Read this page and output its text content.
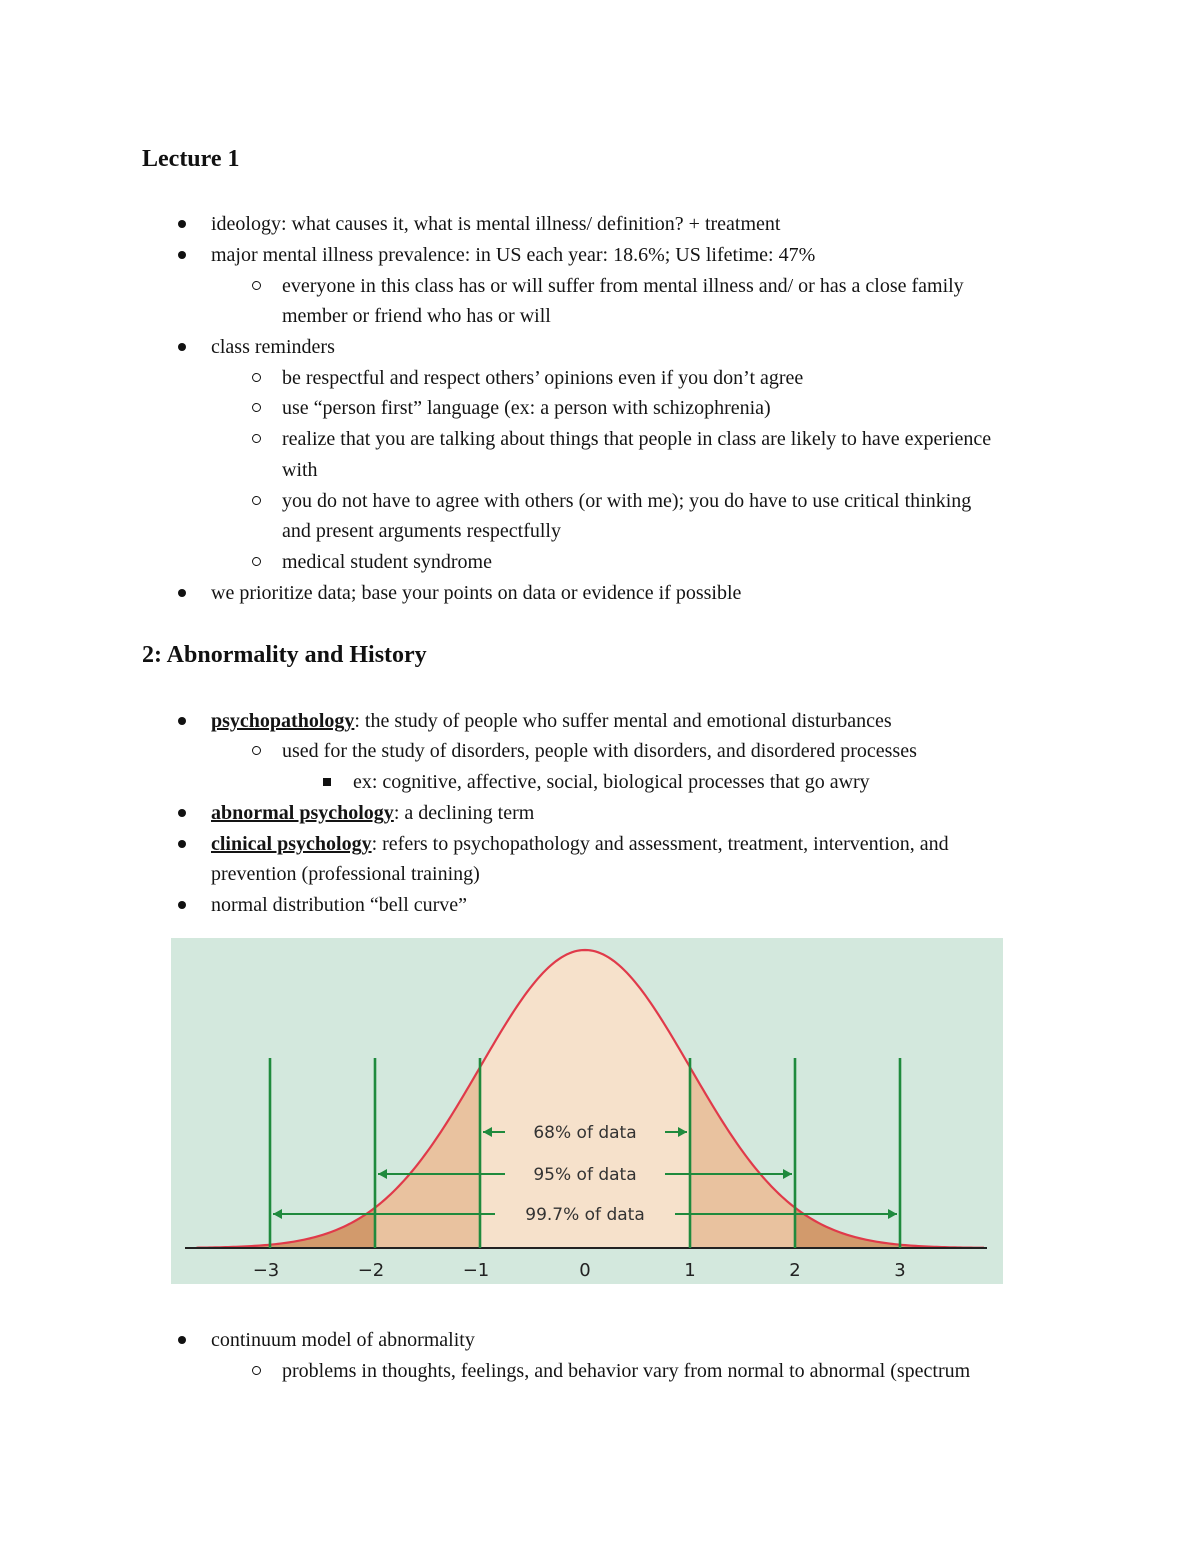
Lecture 1
ideology: what causes it, what is mental illness/ definition? + treatment
major mental illness prevalence: in US each year: 18.6%; US lifetime: 47%
everyone in this class has or will suffer from mental illness and/ or has a close family
member or friend who has or will
class reminders
be respectful and respect others’ opinions even if you don’t agree
use “person first” language (ex: a person with schizophrenia)
realize that you are talking about things that people in class are likely to have experience
with
you do not have to agree with others (or with me); you do have to use critical thinking
and present arguments respectfully
medical student syndrome
we prioritize data; base your points on data or evidence if possible
2: Abnormality and History
psychopathology: the study of people who suffer mental and emotional disturbances
used for the study of disorders, people with disorders, and disordered processes
ex: cognitive, affective, social, biological processes that go awry
abnormal psychology: a declining term
clinical psychology: refers to psychopathology and assessment, treatment, intervention, and
prevention (professional training)
normal distribution “bell curve”
68% of data
95% of data
99.7% of data
−3	−2	−1	0	1	2	3
continuum model of abnormality
problems in thoughts, feelings, and behavior vary from normal to abnormal (spectrum
